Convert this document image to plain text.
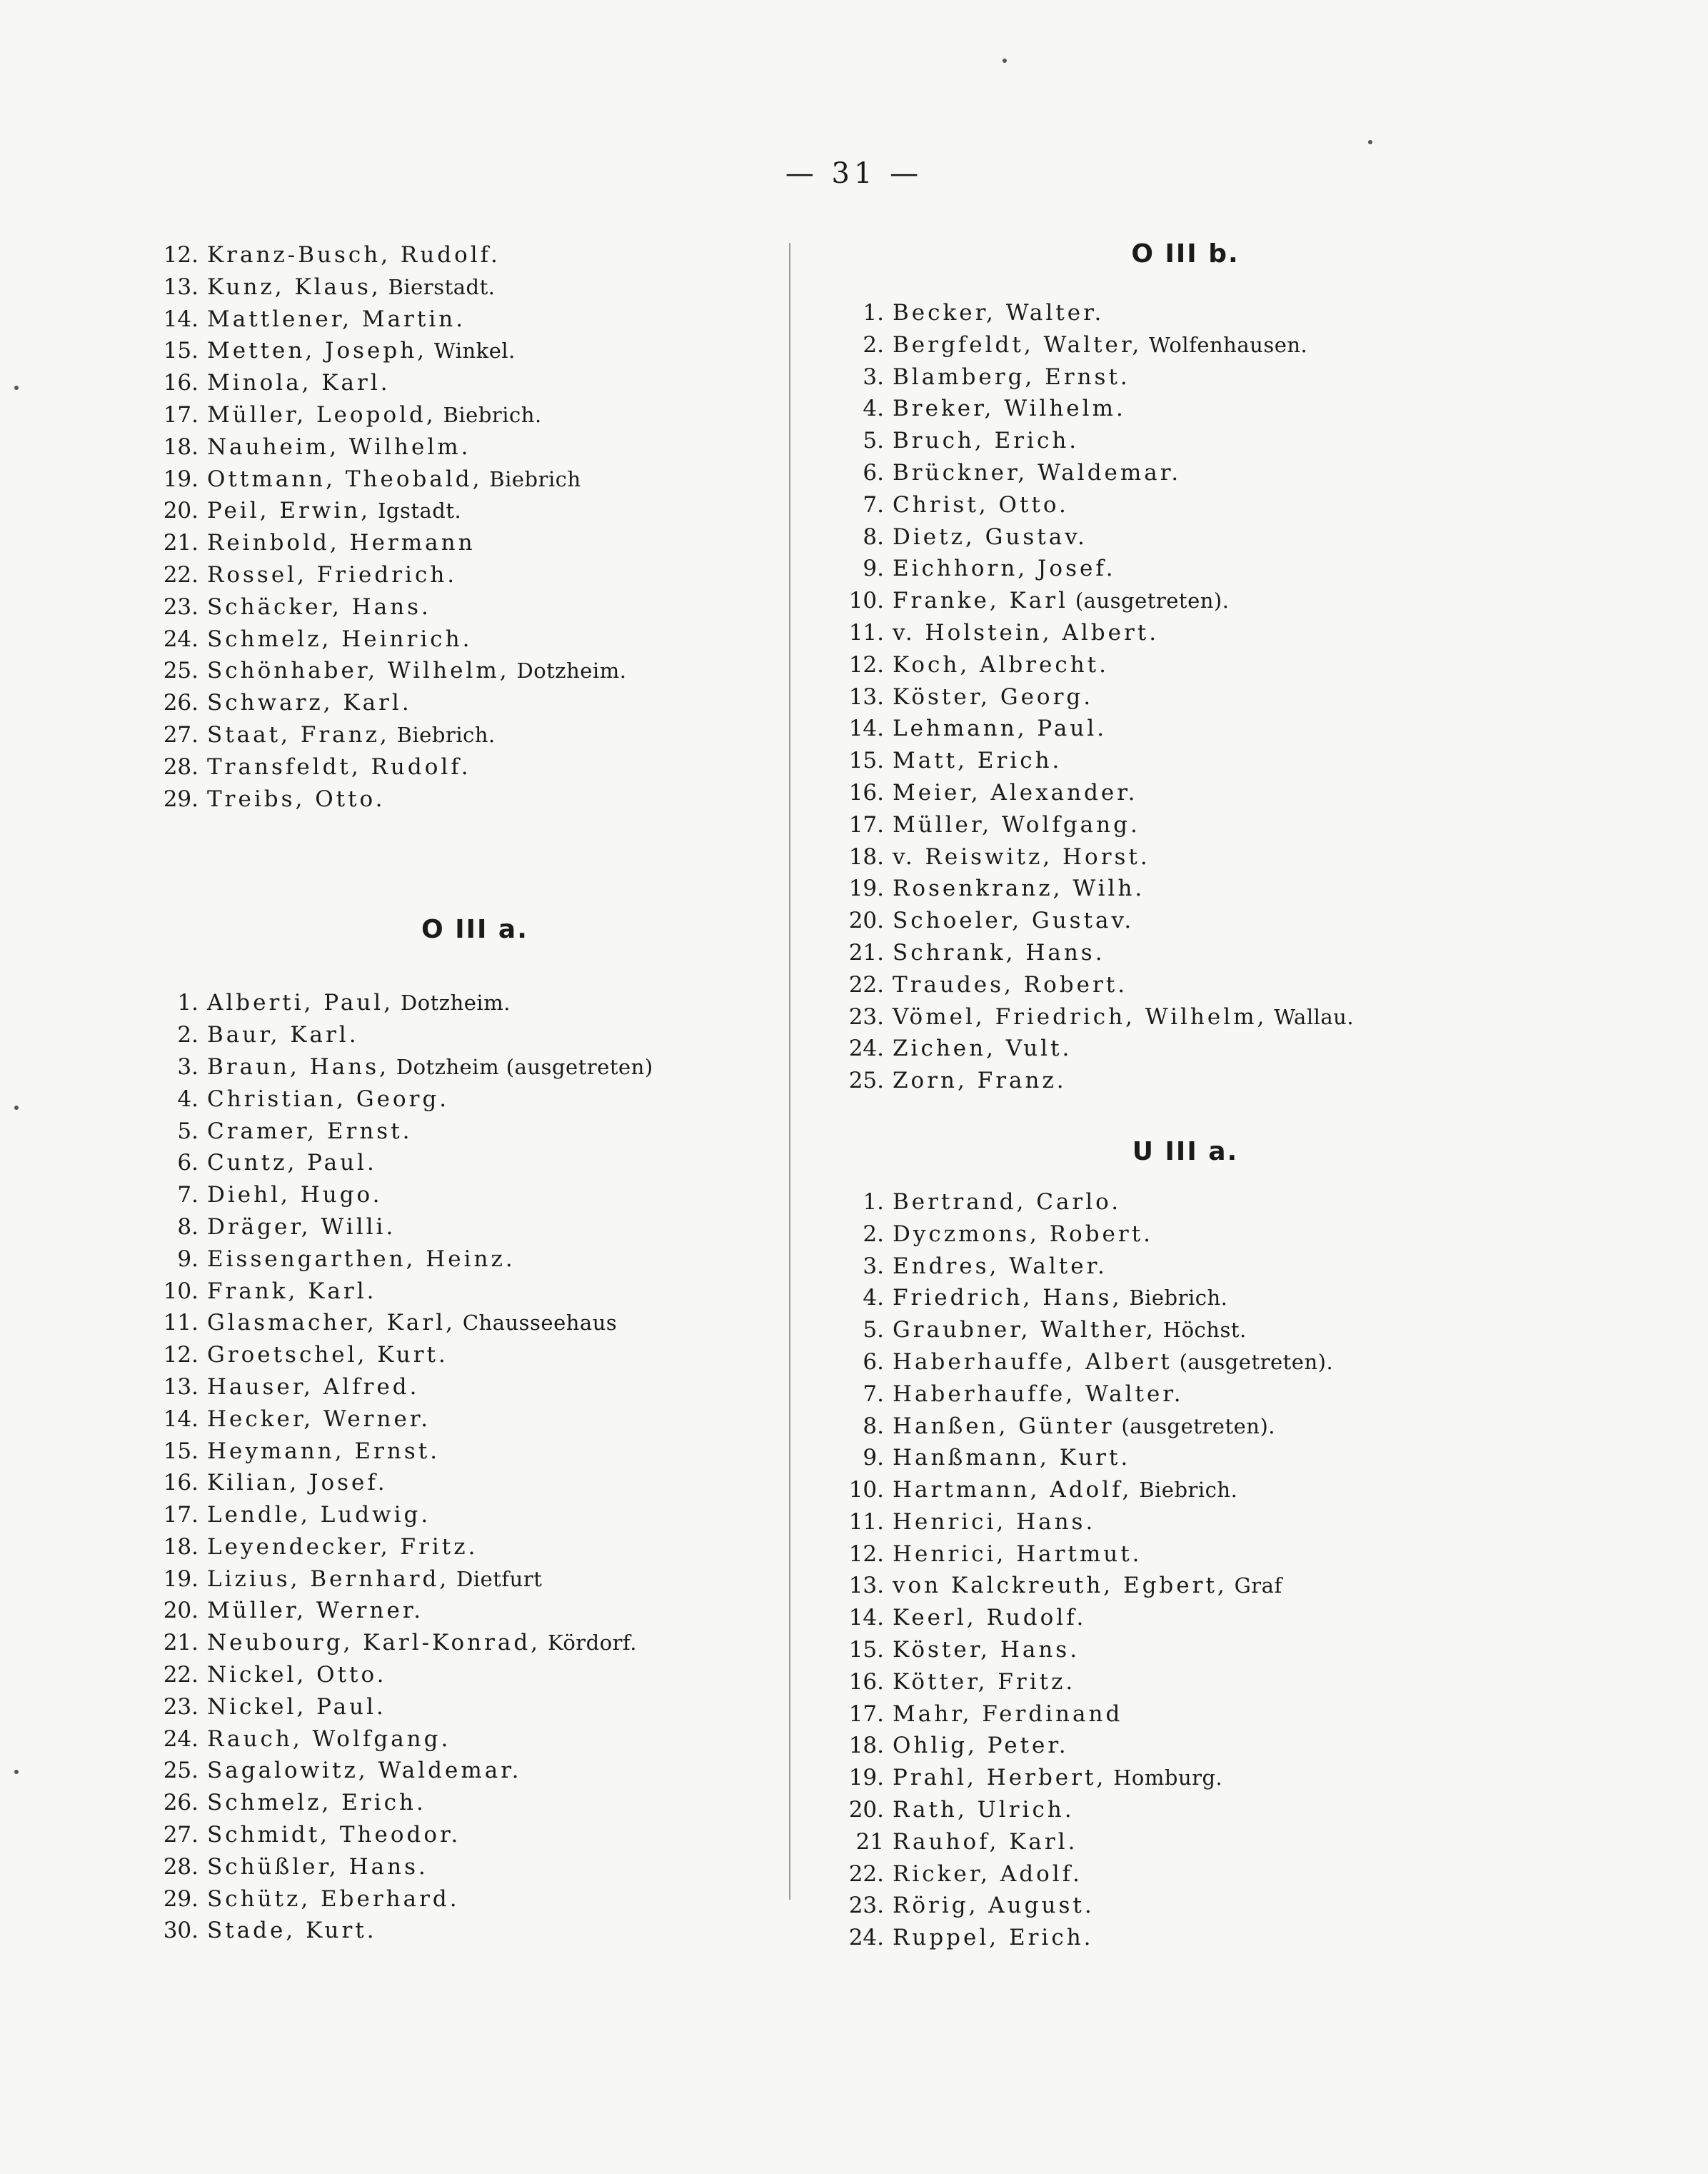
— 31 —
12. Kranz-Busch, Rudolf.
13. Kunz, Klaus,
Bierstadt.
14. Mattlener, Martin.
15. Metten, Joseph,
Winkel.
16. Minola, Karl.
17. Müller, Leopold,
Biebrich.
18. Nauheim, Wilhelm.
19. Ottmann, Theobald,
Biebrich
20. Peil, Erwin,
Igstadt.
21. Reinbold, Hermann
22. Rossel, Friedrich.
23. Schäcker, Hans.
24. Schmelz, Heinrich.
25. Schönhaber, Wilhelm,
Dotzheim.
26. Schwarz, Karl.
27. Staat, Franz,
Biebrich.
28. Transfeldt, Rudolf.
29. Treibs, Otto.
O III a.
1. Alberti, Paul,
Dotzheim.
2. Baur, Karl.
3. Braun, Hans,
Dotzheim (ausgetreten)
4. Christian, Georg.
5. Cramer, Ernst.
6. Cuntz, Paul.
7. Diehl, Hugo.
8. Dräger, Willi.
9. Eissengarthen, Heinz.
10. Frank, Karl.
11. Glasmacher, Karl,
Chausseehaus
12. Groetschel, Kurt.
13. Hauser, Alfred.
14. Hecker, Werner.
15. Heymann, Ernst.
16. Kilian, Josef.
17. Lendle, Ludwig.
18. Leyendecker, Fritz.
19. Lizius, Bernhard,
Dietfurt
20. Müller, Werner.
21. Neubourg, Karl-Konrad,
Kördorf.
22. Nickel, Otto.
23. Nickel, Paul.
24. Rauch, Wolfgang.
25. Sagalowitz, Waldemar.
26. Schmelz, Erich.
27. Schmidt, Theodor.
28. Schüßler, Hans.
29. Schütz, Eberhard.
30. Stade, Kurt.
O III b.
1. Becker, Walter.
2. Bergfeldt, Walter,
Wolfenhausen.
3. Blamberg, Ernst.
4. Breker, Wilhelm.
5. Bruch, Erich.
6. Brückner, Waldemar.
7. Christ, Otto.
8. Dietz, Gustav.
9. Eichhorn, Josef.
10. Franke, Karl
(ausgetreten).
11. v. Holstein, Albert.
12. Koch, Albrecht.
13. Köster, Georg.
14. Lehmann, Paul.
15. Matt, Erich.
16. Meier, Alexander.
17. Müller, Wolfgang.
18. v. Reiswitz, Horst.
19. Rosenkranz, Wilh.
20. Schoeler, Gustav.
21. Schrank, Hans.
22. Traudes, Robert.
23. Vömel, Friedrich, Wilhelm,
Wallau.
24. Zichen, Vult.
25. Zorn, Franz.
U III a.
1. Bertrand, Carlo.
2. Dyczmons, Robert.
3. Endres, Walter.
4. Friedrich, Hans,
Biebrich.
5. Graubner, Walther,
Höchst.
6. Haberhauffe, Albert
(ausgetreten).
7. Haberhauffe, Walter.
8. Hanßen, Günter
(ausgetreten).
9. Hanßmann, Kurt.
10. Hartmann, Adolf,
Biebrich.
11. Henrici, Hans.
12. Henrici, Hartmut.
13. von Kalckreuth, Egbert,
Graf
14. Keerl, Rudolf.
15. Köster, Hans.
16. Kötter, Fritz.
17. Mahr, Ferdinand
18. Ohlig, Peter.
19. Prahl, Herbert,
Homburg.
20. Rath, Ulrich.
21 Rauhof, Karl.
22. Ricker, Adolf.
23. Rörig, August.
24. Ruppel, Erich.
